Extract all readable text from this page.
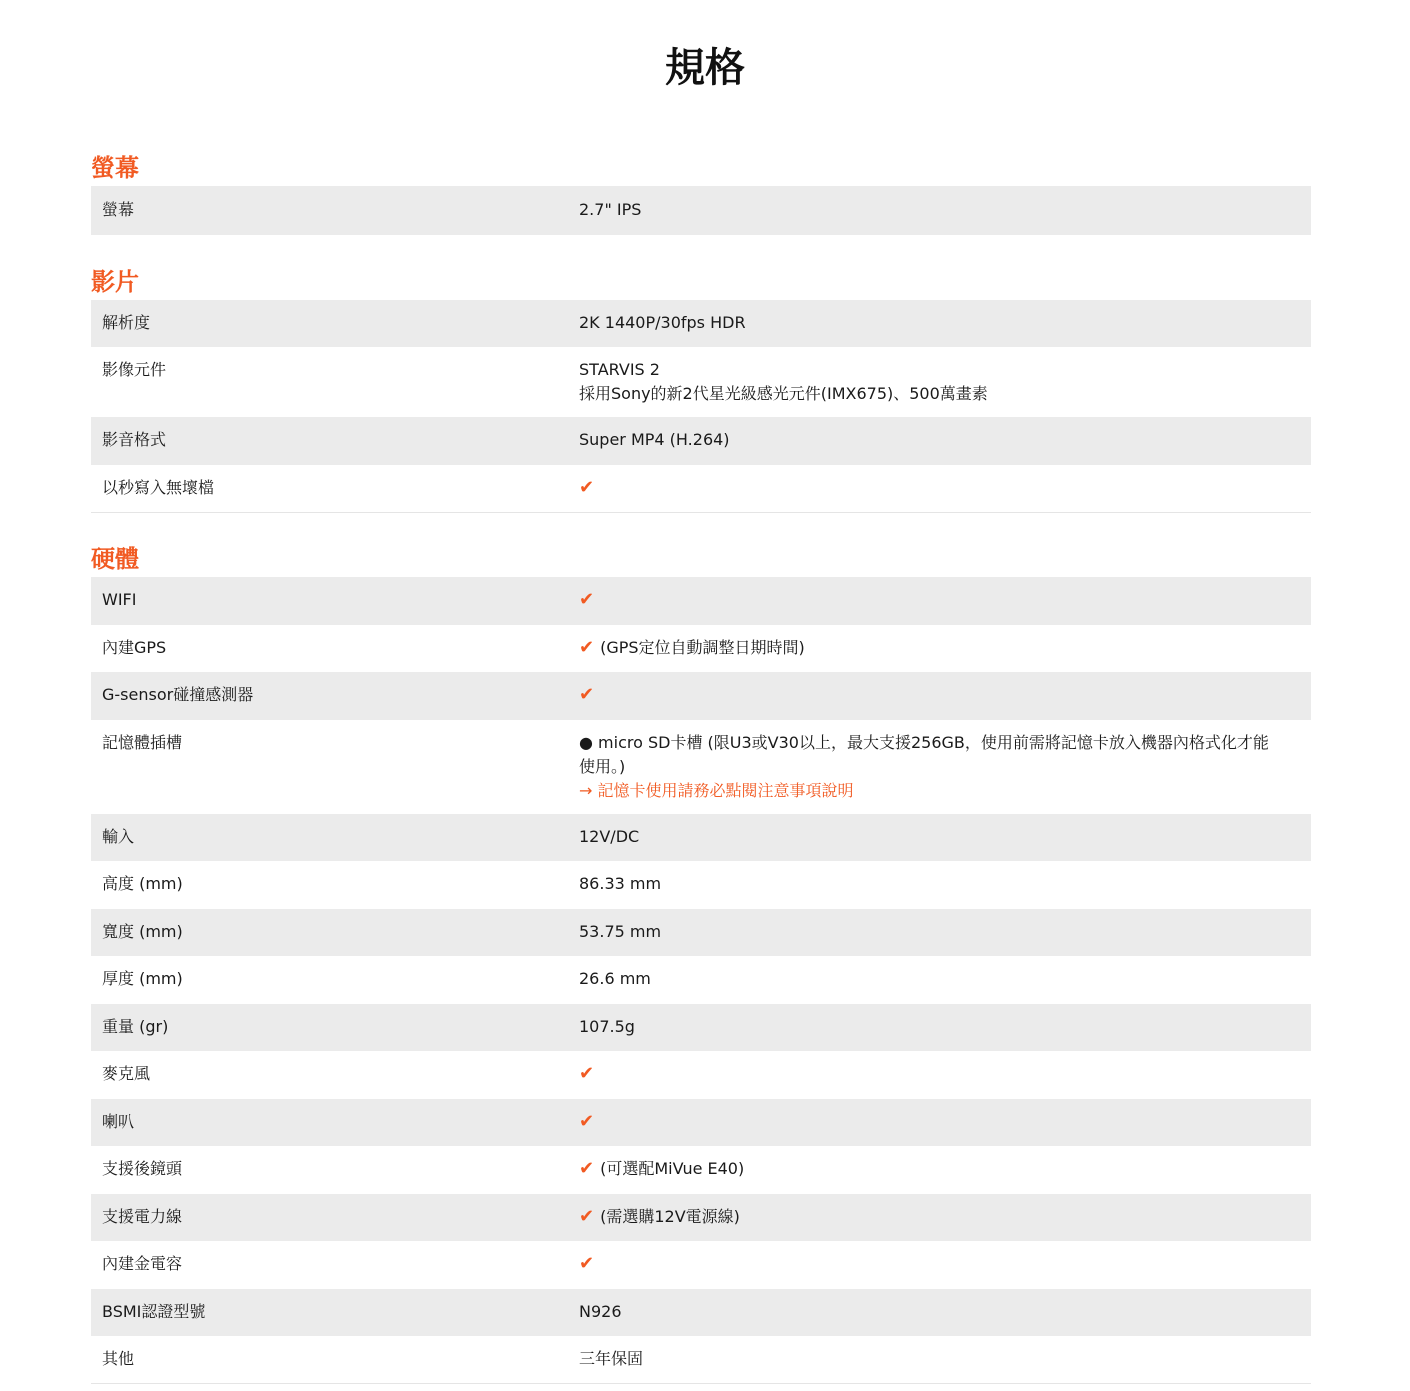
規格
螢幕
螢幕	2.7" IPS
影片
解析度	2K 1440P/30fps HDR
影像元件	STARVIS 2
採用Sony的新2代星光級感光元件(IMX675)、500萬畫素
影音格式	Super MP4 (H.264)
以秒寫入無壞檔	✔
硬體
WIFI	✔
內建GPS	✔ (GPS定位自動調整日期時間)
G-sensor碰撞感測器	✔
記憶體插槽	● micro SD卡槽 (限U3或V30以上，最大支援256GB，使用前需將記憶卡放入機器內格式化才能使用。)
→ 記憶卡使用請務必點閱注意事項說明
輸入	12V/DC
高度 (mm)	86.33 mm
寬度 (mm)	53.75 mm
厚度 (mm)	26.6 mm
重量 (gr)	107.5g
麥克風	✔
喇叭	✔
支援後鏡頭	✔ (可選配MiVue E40)
支援電力線	✔ (需選購12V電源線)
內建金電容	✔
BSMI認證型號	N926
其他	三年保固
